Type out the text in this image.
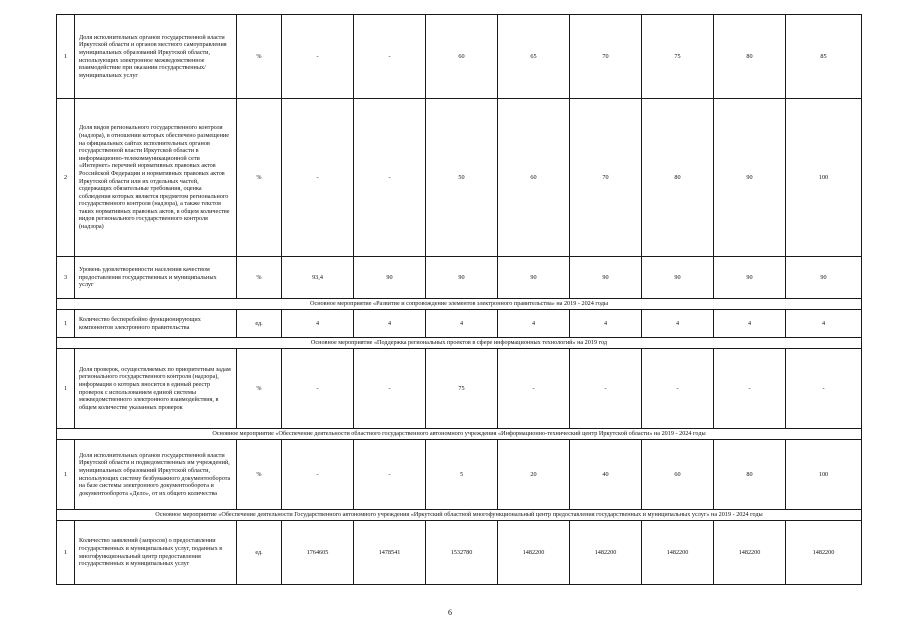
1	Доля исполнительных органов государственной власти Иркутской области и органов местного самоуправления муниципальных образований Иркутской области, использующих электронное межведомственное взаимодействие при оказании государственных/муниципальных услуг	%	-	-	60	65	70	75	80	85
2	Доля видов регионального государственного контроля (надзора), в отношении которых обеспечено размещение на официальных сайтах исполнительных органов государственной власти Иркутской области в информационно-телекоммуникационной сети «Интернет» перечней нормативных правовых актов Российской Федерации и нормативных правовых актов Иркутской области или их отдельных частей, содержащих обязательные требования, оценка соблюдения которых является предметом регионального государственного контроля (надзора), а также текстов таких нормативных правовых актов, в общем количестве видов регионального государственного контроля (надзора)	%	-	-	50	60	70	80	90	100
3	Уровень удовлетворенности населения качеством предоставления государственных и муниципальных услуг	%	93,4	90	90	90	90	90	90	90
Основное мероприятие «Развитие и сопровождение элементов электронного правительства» на 2019 - 2024 годы										
1	Количество бесперебойно функционирующих компонентов электронного правительства	ед.	4	4	4	4	4	4	4	4
Основное мероприятие «Поддержка региональных проектов в сфере информационных технологий» на 2019 год										
1	Доля проверок, осуществляемых по приоритетным задам регионального государственного контроля (надзора), информация о которых вносится в единый реестр проверок с использованием единой системы межведомственного электронного взаимодействия, в общем количестве указанных проверок	%	-	-	75	-	-	-	-	-
Основное мероприятие «Обеспечение деятельности областного государственного автономного учреждения «Информационно-технический центр Иркутской области» на 2019 - 2024 годы										
1	Доля исполнительных органов государственной власти Иркутской области и подведомственных им учреждений, муниципальных образований Иркутской области, использующих систему безбумажного документооборота на базе системы электронного документооборота и документооборота «Дело», от их общего количества	%	-	-	5	20	40	60	80	100
Основное мероприятие «Обеспечение деятельности Государственного автономного учреждения «Иркутский областной многофункциональный центр предоставления государственных и муниципальных услуг» на 2019 - 2024 годы										
1	Количество заявлений (запросов) о предоставлении государственных и муниципальных услуг, поданных в многофункциональный центр предоставления государственных и муниципальных услуг	ед.	1764605	1478541	1532780	1482200	1482200	1482200	1482200	1482200
6
